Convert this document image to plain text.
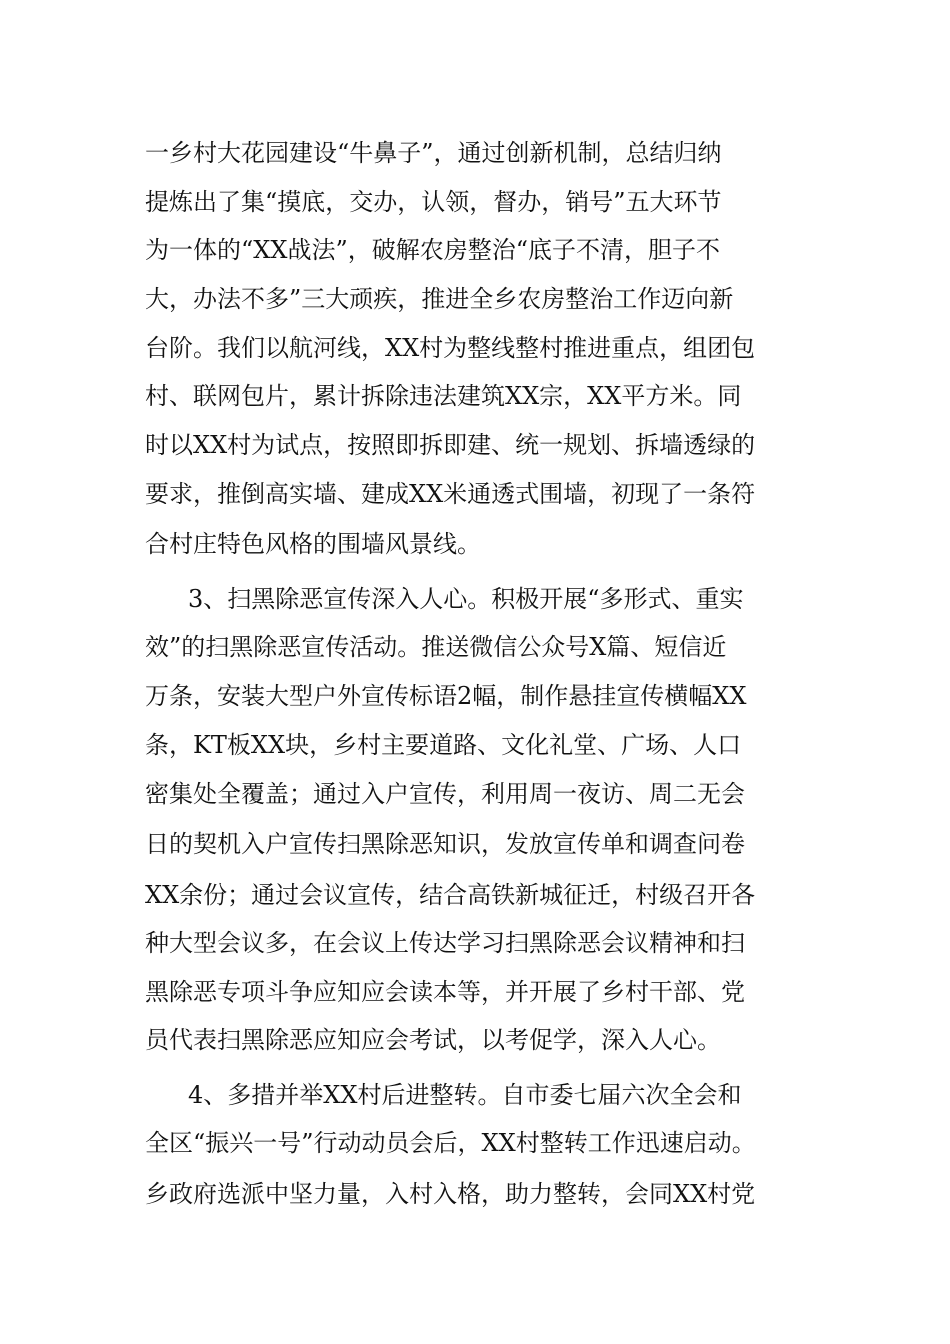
一乡村大花园建设“牛鼻子”，通过创新机制，总结归纳
提炼出了集“摸底，交办，认领，督办，销号”五大环节
为一体的“XX战法”，破解农房整治“底子不清，胆子不
大，办法不多”三大顽疾，推进全乡农房整治工作迈向新
台阶。我们以航河线，XX村为整线整村推进重点，组团包
村、联网包片，累计拆除违法建筑XX宗，XX平方米。同
时以XX村为试点，按照即拆即建、统一规划、拆墙透绿的
要求，推倒高实墙、建成XX米通透式围墙，初现了一条符
合村庄特色风格的围墙风景线。
3、扫黑除恶宣传深入人心。积极开展“多形式、重实
效”的扫黑除恶宣传活动。推送微信公众号X篇、短信近
万条，安装大型户外宣传标语2幅，制作悬挂宣传横幅XX
条，KT板XX块，乡村主要道路、文化礼堂、广场、人口
密集处全覆盖；通过入户宣传，利用周一夜访、周二无会
日的契机入户宣传扫黑除恶知识，发放宣传单和调查问卷
XX余份；通过会议宣传，结合高铁新城征迁，村级召开各
种大型会议多，在会议上传达学习扫黑除恶会议精神和扫
黑除恶专项斗争应知应会读本等，并开展了乡村干部、党
员代表扫黑除恶应知应会考试，以考促学，深入人心。
4、多措并举XX村后进整转。自市委七届六次全会和
全区“振兴一号”行动动员会后，XX村整转工作迅速启动。
乡政府选派中坚力量，入村入格，助力整转，会同XX村党
